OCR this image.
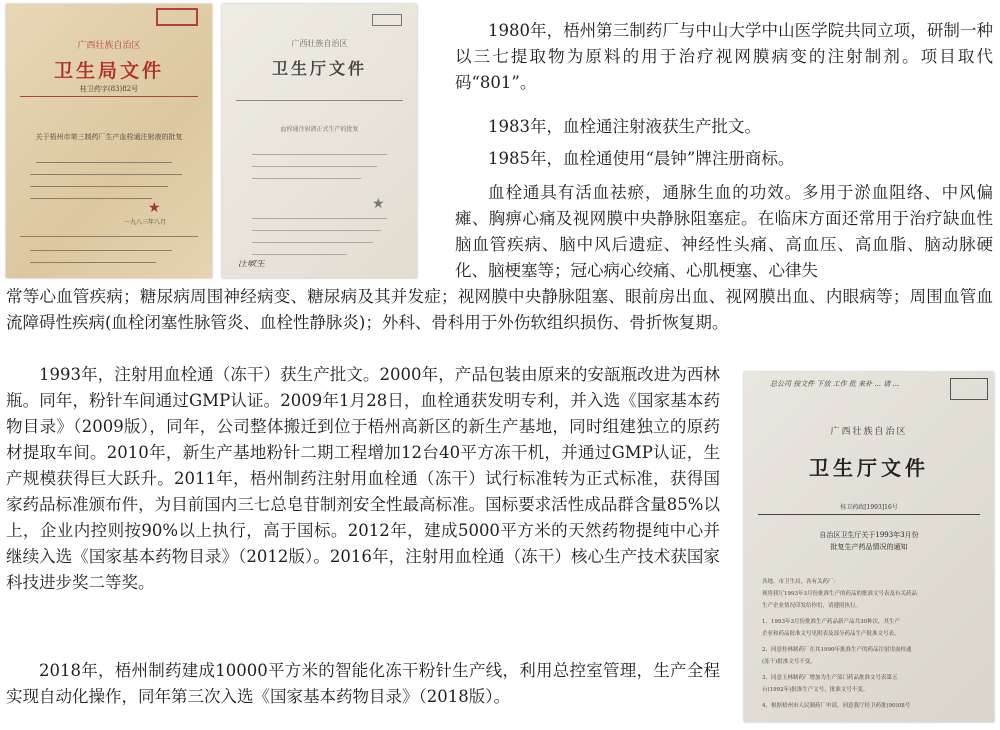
广西壮族自治区
卫生局文件
桂卫药字(83)82号
关于梧州市第三制药厂生产血栓通注射液的批复
★
一九八三年八月
广西壮族自治区
卫生厅文件
血栓通注射液正式生产的批复
★
汪敏生

1980年，梧州第三制药厂与中山大学中山医学院共同立项，研制一种以三七提取物为原料的用于治疗视网膜病变的注射制剂。项目取代码“801”。

1983年，血栓通注射液获生产批文。

1985年，血栓通使用“晨钟”牌注册商标。

血栓通具有活血祛瘀，通脉生血的功效。多用于淤血阻络、中风偏瘫、胸痹心痛及视网膜中央静脉阻塞症。在临床方面还常用于治疗缺血性脑血管疾病、脑中风后遗症、神经性头痛、高血压、高血脂、脑动脉硬化、脑梗塞等；冠心病心绞痛、心肌梗塞、心律失

常等心血管疾病；糖尿病周围神经病变、糖尿病及其并发症；视网膜中央静脉阻塞、眼前房出血、视网膜出血、内眼病等；周围血管血流障碍性疾病(血栓闭塞性脉管炎、血栓性静脉炎)；外科、骨科用于外伤软组织损伤、骨折恢复期。

1993年，注射用血栓通（冻干）获生产批文。2000年，产品包装由原来的安瓿瓶改进为西林瓶。同年，粉针车间通过GMP认证。2009年1月28日，血栓通获发明专利，并入选《国家基本药物目录》（2009版），同年，公司整体搬迁到位于梧州高新区的新生产基地，同时组建独立的原药材提取车间。2010年，新生产基地粉针二期工程增加12台40平方冻干机，并通过GMP认证，生产规模获得巨大跃升。2011年，梧州制药注射用血栓通（冻干）试行标准转为正式标准，获得国家药品标准颁布件，为目前国内三七总皂苷制剂安全性最高标准。国标要求活性成品群含量85%以上，企业内控则按90%以上执行，高于国标。2012年，建成5000平方米的天然药物提纯中心并继续入选《国家基本药物目录》（2012版）。2016年，注射用血栓通（冻干）核心生产技术获国家科技进步奖二等奖。

2018年，梧州制药建成10000平方米的智能化冻干粉针生产线，利用总控室管理，生产全程实现自动化操作，同年第三次入选《国家基本药物目录》（2018版）。

总公司 按文件 下放 工作 批 来补 ... 请 ...
广西壮族自治区
卫生厅文件
桂卫药政[1993]16号
自治区卫生厅关于1993年3月份
批复生产药品情况的通知
各地、市卫生局，各有关药厂：
现将我厅1993年3月份批准生产的药品的批准文号表及有关药品
生产企业情况印发给你们，请遵照执行。
1、1993年3月份批准生产药品新产品共30种次，其生产
企业和药品批准文号见附表及部分药品生产批准文号表。
2、同意桂林制药厂在其1990年批准生产的药品注射用血栓通
(冻干)批准文号不变。
3、同意玉林制药厂增加为生产部门药品批准文号表第五
台(1992年)批准生产文号，批准文号不变。
4、根据梧州市人民制药厂申请，同意我厅桂卫药批(90)08号
